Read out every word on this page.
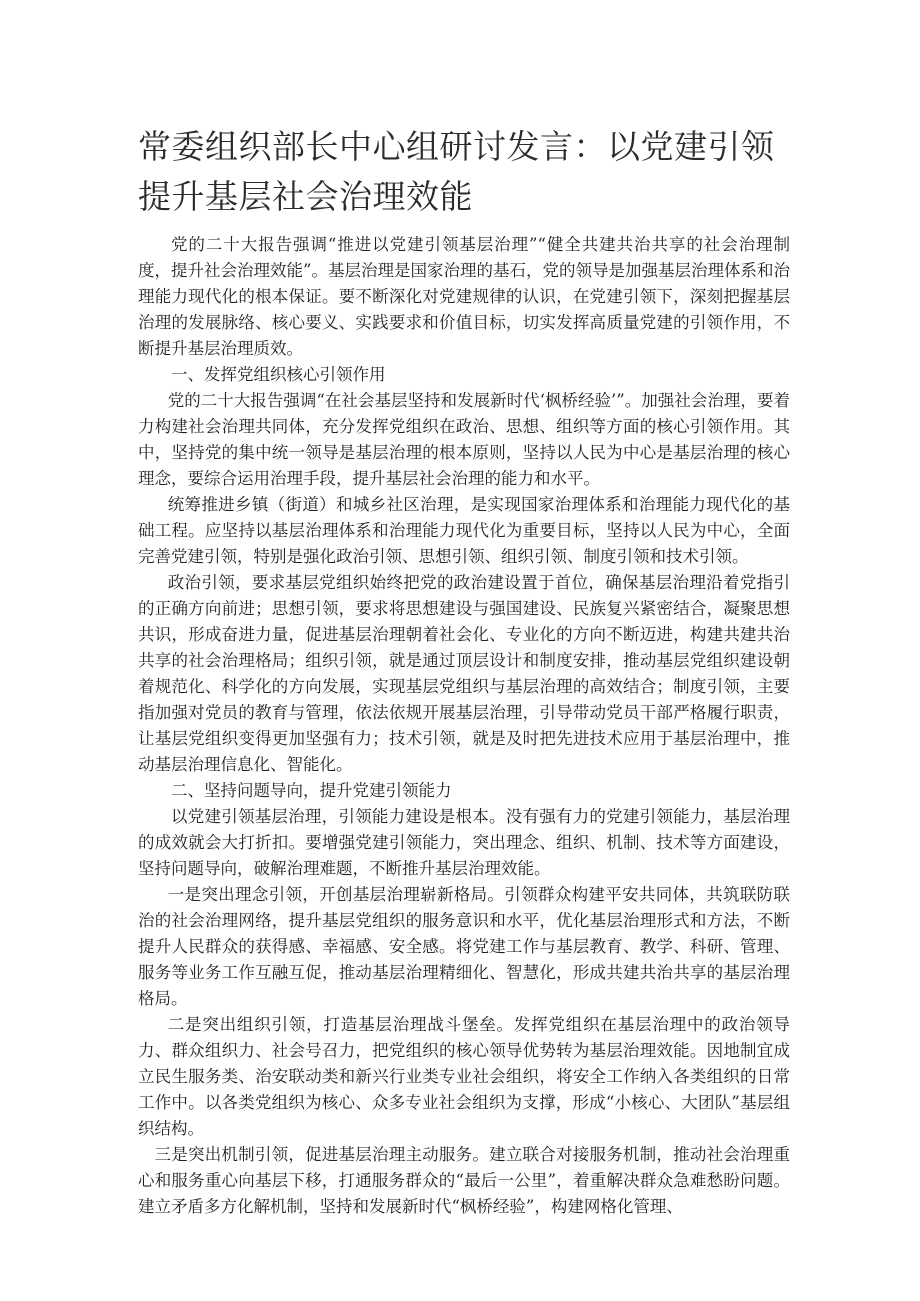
常委组织部长中心组研讨发言：以党建引领提升基层社会治理效能

党的二十大报告强调“推进以党建引领基层治理”“健全共建共治共享的社会治理制度，提升社会治理效能”。基层治理是国家治理的基石，党的领导是加强基层治理体系和治理能力现代化的根本保证。要不断深化对党建规律的认识，在党建引领下，深刻把握基层治理的发展脉络、核心要义、实践要求和价值目标，切实发挥高质量党建的引领作用，不断提升基层治理质效。

一、发挥党组织核心引领作用

党的二十大报告强调“在社会基层坚持和发展新时代‘枫桥经验’”。加强社会治理，要着力构建社会治理共同体，充分发挥党组织在政治、思想、组织等方面的核心引领作用。其中，坚持党的集中统一领导是基层治理的根本原则，坚持以人民为中心是基层治理的核心理念，要综合运用治理手段，提升基层社会治理的能力和水平。

统筹推进乡镇（街道）和城乡社区治理，是实现国家治理体系和治理能力现代化的基础工程。应坚持以基层治理体系和治理能力现代化为重要目标，坚持以人民为中心，全面完善党建引领，特别是强化政治引领、思想引领、组织引领、制度引领和技术引领。

政治引领，要求基层党组织始终把党的政治建设置于首位，确保基层治理沿着党指引的正确方向前进；思想引领，要求将思想建设与强国建设、民族复兴紧密结合，凝聚思想共识，形成奋进力量，促进基层治理朝着社会化、专业化的方向不断迈进，构建共建共治共享的社会治理格局；组织引领，就是通过顶层设计和制度安排，推动基层党组织建设朝着规范化、科学化的方向发展，实现基层党组织与基层治理的高效结合；制度引领，主要指加强对党员的教育与管理，依法依规开展基层治理，引导带动党员干部严格履行职责，让基层党组织变得更加坚强有力；技术引领，就是及时把先进技术应用于基层治理中，推动基层治理信息化、智能化。

二、坚持问题导向，提升党建引领能力

以党建引领基层治理，引领能力建设是根本。没有强有力的党建引领能力，基层治理的成效就会大打折扣。要增强党建引领能力，突出理念、组织、机制、技术等方面建设，坚持问题导向，破解治理难题，不断推升基层治理效能。

一是突出理念引领，开创基层治理崭新格局。引领群众构建平安共同体，共筑联防联治的社会治理网络，提升基层党组织的服务意识和水平，优化基层治理形式和方法，不断提升人民群众的获得感、幸福感、安全感。将党建工作与基层教育、教学、科研、管理、服务等业务工作互融互促，推动基层治理精细化、智慧化，形成共建共治共享的基层治理格局。

二是突出组织引领，打造基层治理战斗堡垒。发挥党组织在基层治理中的政治领导力、群众组织力、社会号召力，把党组织的核心领导优势转为基层治理效能。因地制宜成立民生服务类、治安联动类和新兴行业类专业社会组织，将安全工作纳入各类组织的日常工作中。以各类党组织为核心、众多专业社会组织为支撑，形成“小核心、大团队”基层组织结构。

三是突出机制引领，促进基层治理主动服务。建立联合对接服务机制，推动社会治理重心和服务重心向基层下移，打通服务群众的“最后一公里”，着重解决群众急难愁盼问题。建立矛盾多方化解机制，坚持和发展新时代“枫桥经验”，构建网格化管理、
